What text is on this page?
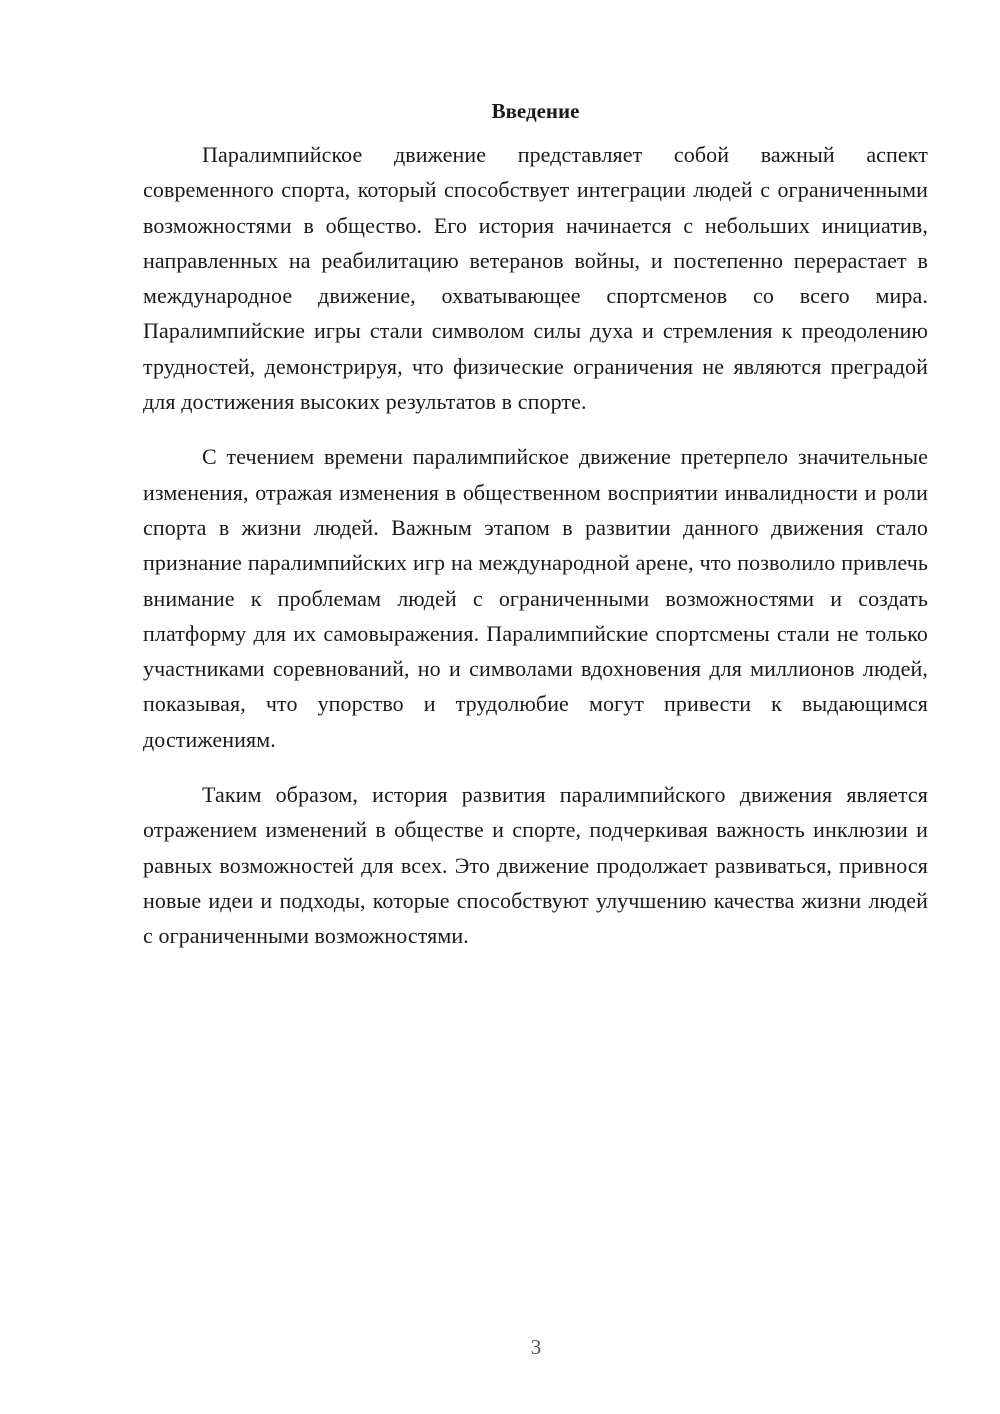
Введение

Паралимпийское движение представляет собой важный аспект современного спорта, который способствует интеграции людей с ограниченными возможностями в общество. Его история начинается с небольших инициатив, направленных на реабилитацию ветеранов войны, и постепенно перерастает в международное движение, охватывающее спортсменов со всего мира. Паралимпийские игры стали символом силы духа и стремления к преодолению трудностей, демонстрируя, что физические ограничения не являются преградой для достижения высоких результатов в спорте.

С течением времени паралимпийское движение претерпело значительные изменения, отражая изменения в общественном восприятии инвалидности и роли спорта в жизни людей. Важным этапом в развитии данного движения стало признание паралимпийских игр на международной арене, что позволило привлечь внимание к проблемам людей с ограниченными возможностями и создать платформу для их самовыражения. Паралимпийские спортсмены стали не только участниками соревнований, но и символами вдохновения для миллионов людей, показывая, что упорство и трудолюбие могут привести к выдающимся достижениям.

Таким образом, история развития паралимпийского движения является отражением изменений в обществе и спорте, подчеркивая важность инклюзии и равных возможностей для всех. Это движение продолжает развиваться, привнося новые идеи и подходы, которые способствуют улучшению качества жизни людей с ограниченными возможностями.

3
